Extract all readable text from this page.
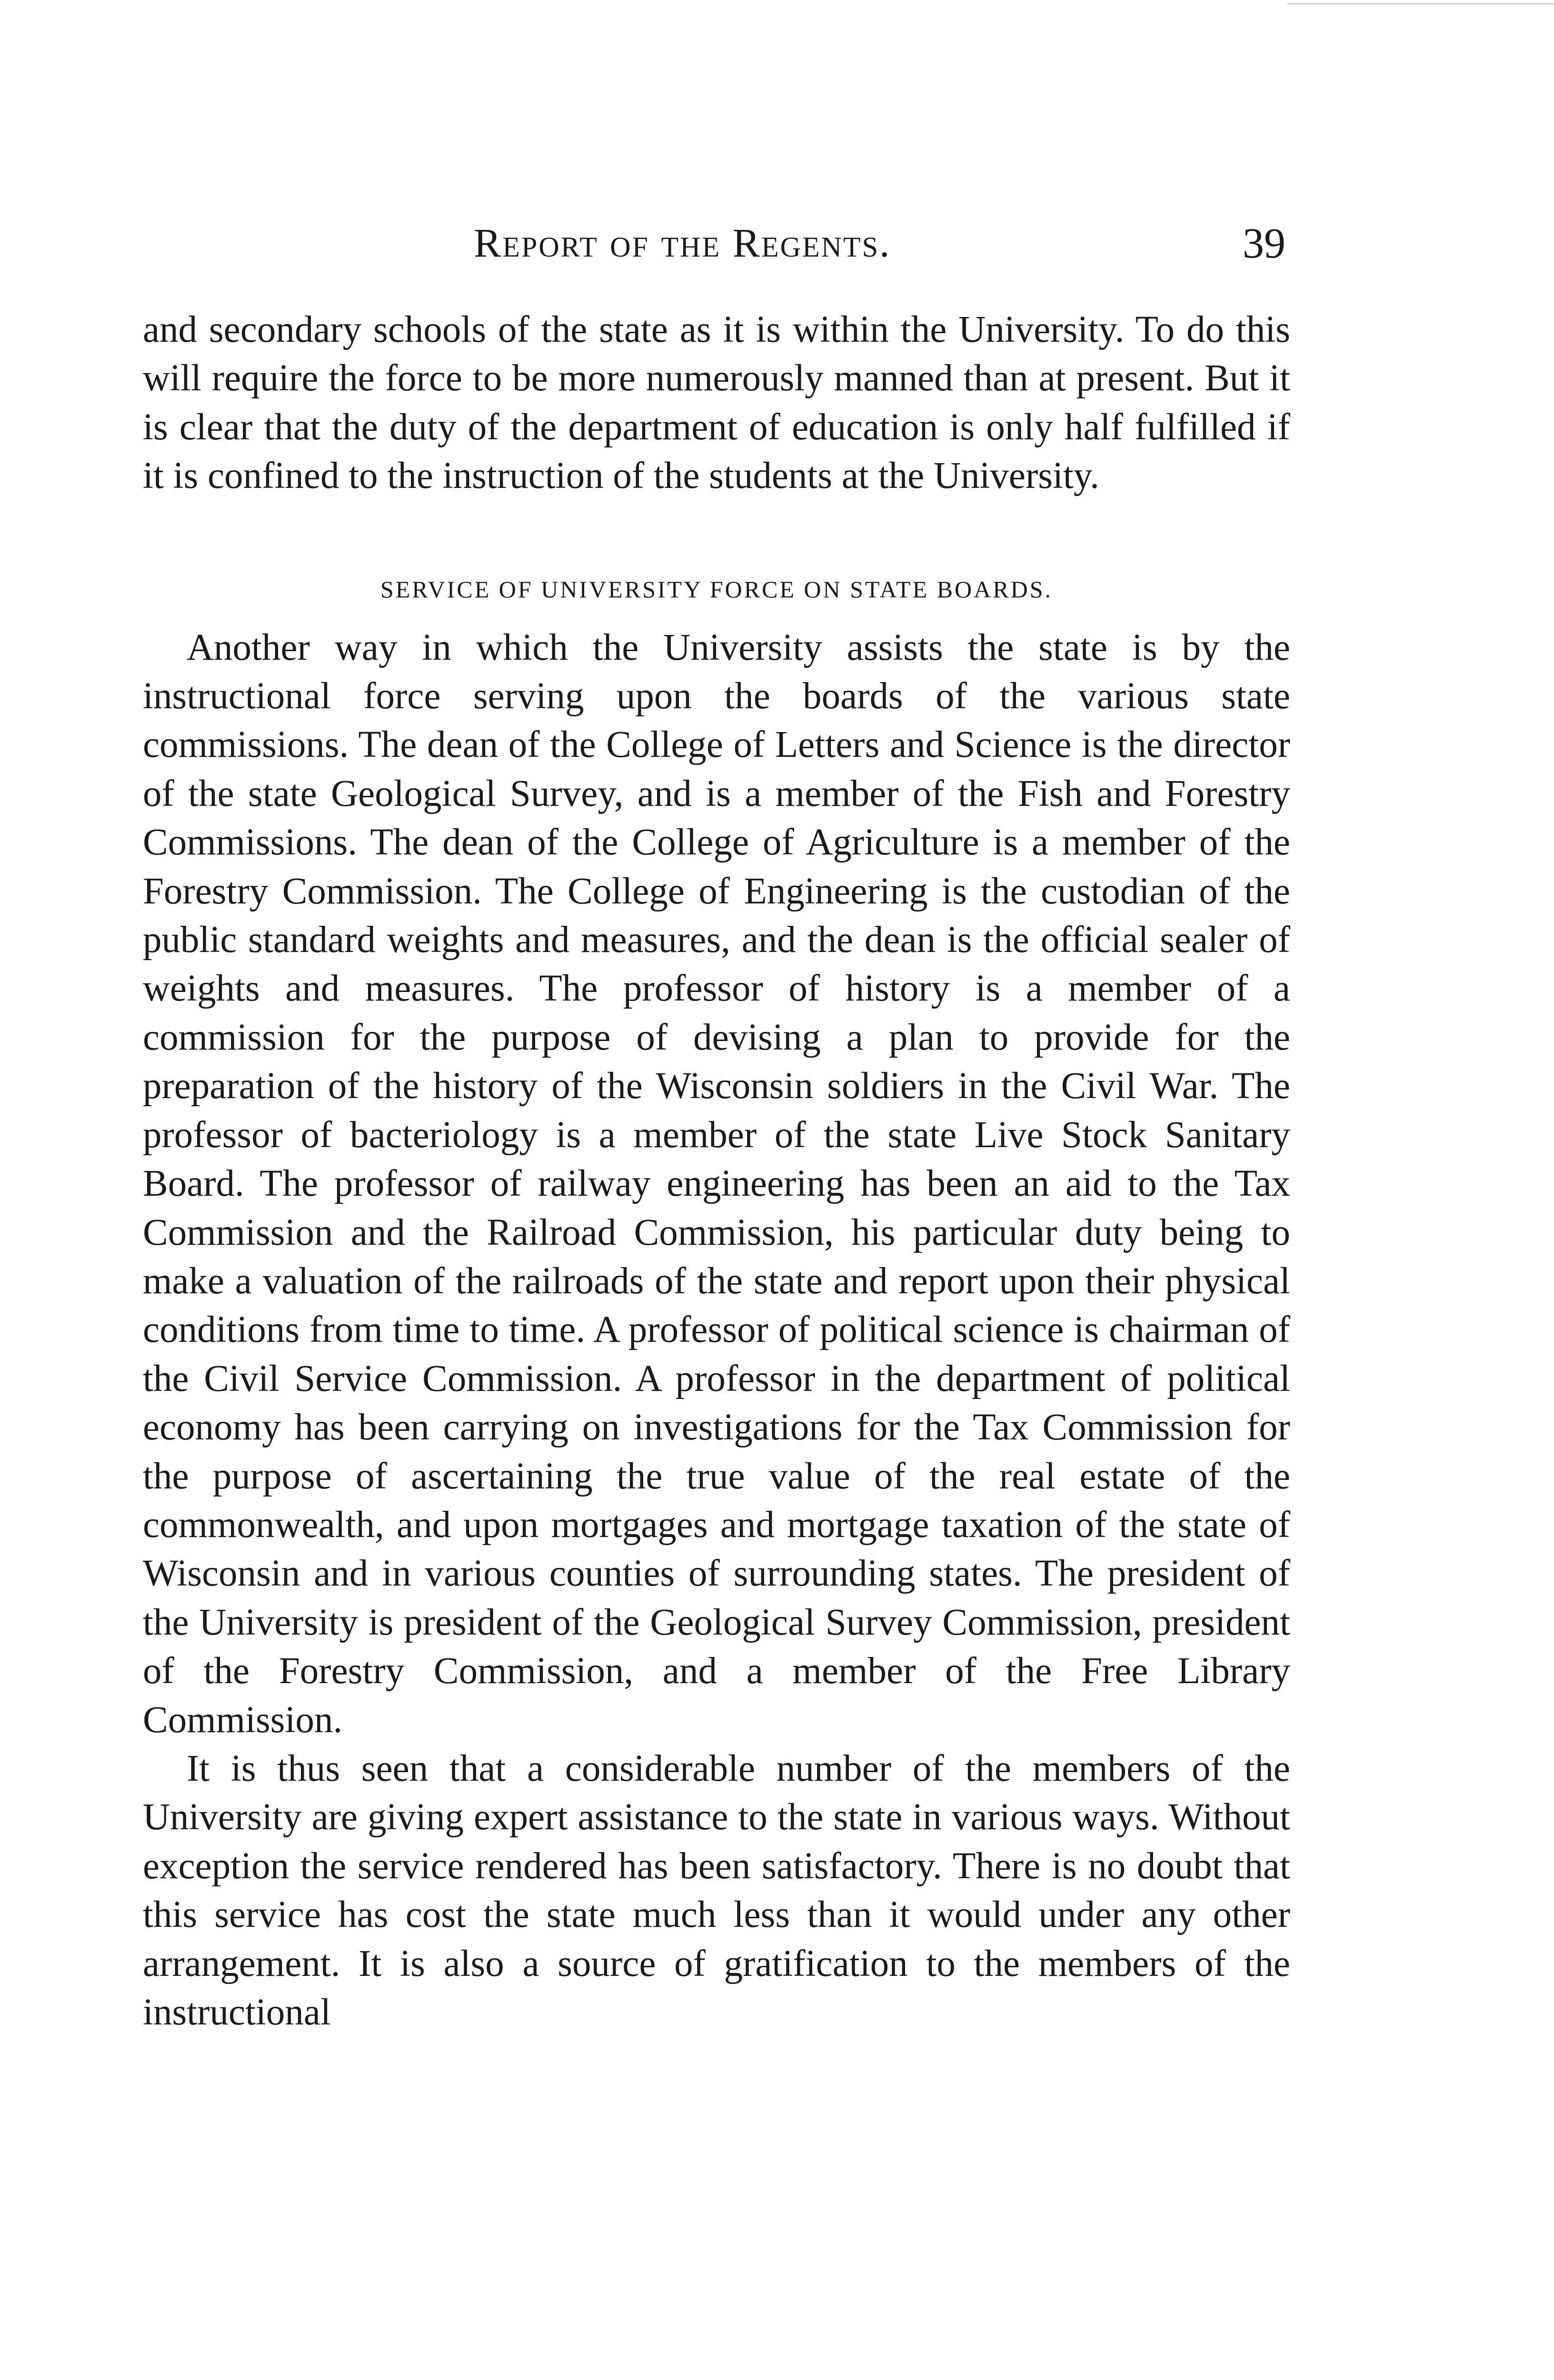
Report of the Regents.	39

and secondary schools of the state as it is within the University. To do this will require the force to be more numerously manned than at present. But it is clear that the duty of the department of education is only half fulfilled if it is confined to the instruction of the students at the University.

SERVICE OF UNIVERSITY FORCE ON STATE BOARDS.

Another way in which the University assists the state is by the instructional force serving upon the boards of the various state commissions. The dean of the College of Letters and Science is the director of the state Geological Survey, and is a member of the Fish and Forestry Commissions. The dean of the College of Agriculture is a member of the Forestry Commission. The College of Engineering is the custodian of the public standard weights and measures, and the dean is the official sealer of weights and measures. The professor of history is a member of a commission for the purpose of devising a plan to provide for the preparation of the history of the Wisconsin soldiers in the Civil War. The professor of bacteriology is a member of the state Live Stock Sanitary Board. The professor of railway engineering has been an aid to the Tax Commission and the Railroad Commission, his particular duty being to make a valuation of the railroads of the state and report upon their physical conditions from time to time. A professor of political science is chairman of the Civil Service Commission. A professor in the department of political economy has been carrying on investigations for the Tax Commission for the purpose of ascertaining the true value of the real estate of the commonwealth, and upon mortgages and mortgage taxation of the state of Wisconsin and in various counties of surrounding states. The president of the University is president of the Geological Survey Commission, president of the Forestry Commission, and a member of the Free Library Commission.

It is thus seen that a considerable number of the members of the University are giving expert assistance to the state in various ways. Without exception the service rendered has been satisfactory. There is no doubt that this service has cost the state much less than it would under any other arrangement. It is also a source of gratification to the members of the instructional
